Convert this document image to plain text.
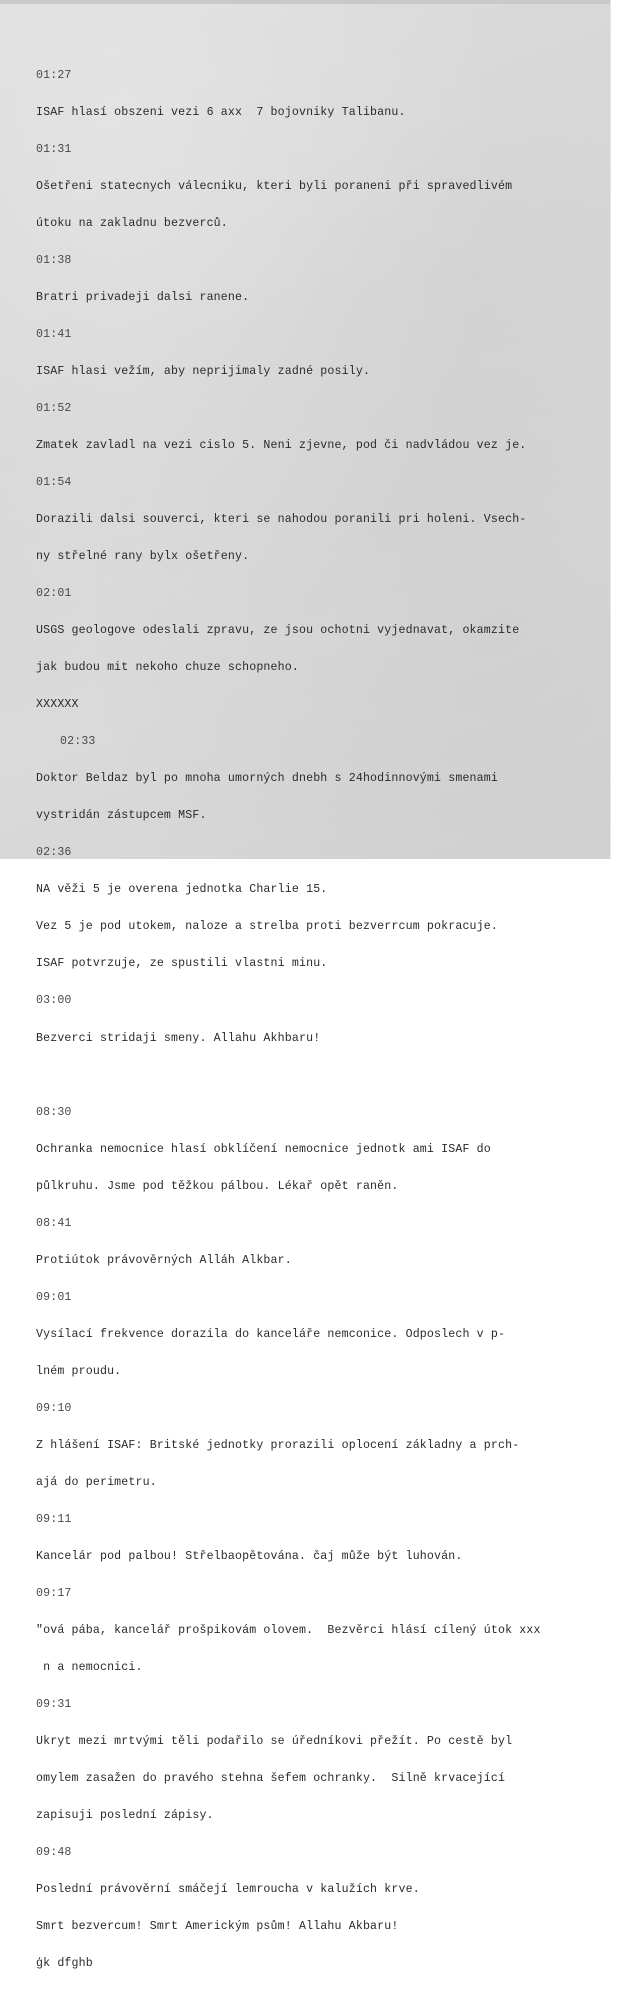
01:27

ISAF hlasí obszeni vezi 6 axx  7 bojovniky Talibanu.

01:31

Ošetřeni statecnych válecniku, kteri byli poraneni při spravedlivém

útoku na zakladnu bezverců.

01:38

Bratri privadeji dalsi ranene.

01:41

ISAF hlasi vežím, aby neprijimaly zadné posily.

01:52

Zmatek zavladl na vezi cislo 5. Neni zjevne, pod či nadvládou vez je.

01:54

Dorazili dalsi souverci, kteri se nahodou poranili pri holeni. Vsech-

ny střelné rany bylx ošetřeny.

02:01

USGS geologove odeslali zpravu, ze jsou ochotni vyjednavat, okamzite

jak budou mit nekoho chuze schopneho.

XXXXXX

02:33

Doktor Beldaz byl po mnoha umorných dnebh s 24hodinnovými smenami

vystridán zástupcem MSF.

02:36

NA věži 5 je overena jednotka Charlie 15.

Vez 5 je pod utokem, naloze a strelba proti bezverrcum pokracuje.

ISAF potvrzuje, ze spustili vlastni minu.

03:00

Bezverci stridaji smeny. Allahu Akhbaru!

08:30

Ochranka nemocnice hlasí obklíčení nemocnice jednotk ami ISAF do

půlkruhu. Jsme pod těžkou pálbou. Lékař opět raněn.

08:41

Protiútok právověrných Alláh Alkbar.

09:01

Vysílací frekvence dorazila do kanceláře nemconice. Odposlech v p-

lném proudu.

09:10

Z hlášení ISAF: Britské jednotky prorazili oplocení základny a prch-

ajá do perimetru.

09:11

Kancelár pod palbou! Střelbaopětována. čaj může být luhován.

09:17

"ová pába, kancelář prošpikovám olovem.  Bezvěrci hlásí cílený útok xxx

n a nemocnici.

09:31

Ukryt mezi mrtvými těli podařilo se úředníkovi přežít. Po cestě byl

omylem zasažen do pravého stehna šefem ochranky.  Silně krvacející

zapisuji poslední zápisy.

09:48

Poslední právověrní smáčejí lemroucha v kalužích krve.

Smrt bezvercum! Smrt Americkým psům! Allahu Akbaru!

ģk dfghb
